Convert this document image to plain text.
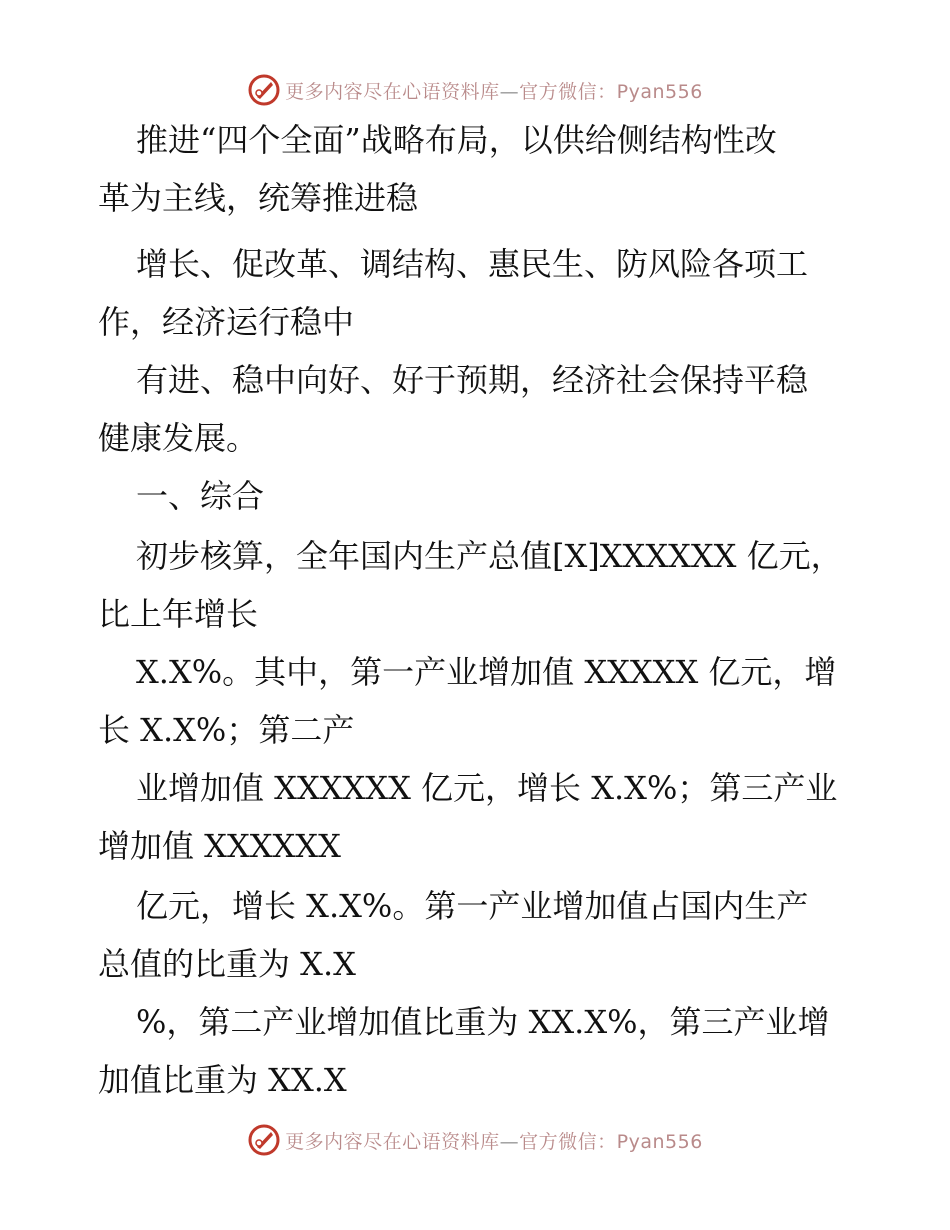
更多内容尽在心语资料库—官方微信：Pyan556
推进“四个全面”战略布局，以供给侧结构性改
革为主线，统筹推进稳
增长、促改革、调结构、惠民生、防风险各项工
作，经济运行稳中
有进、稳中向好、好于预期，经济社会保持平稳
健康发展。
一、综合
初步核算，全年国内生产总值[X]XXXXXX 亿元，
比上年增长
X.X%。其中，第一产业增加值 XXXXX 亿元，增
长 X.X%；第二产
业增加值 XXXXXX 亿元，增长 X.X%；第三产业
增加值 XXXXXX
亿元，增长 X.X%。第一产业增加值占国内生产
总值的比重为 X.X
%，第二产业增加值比重为 XX.X%，第三产业增
加值比重为 XX.X
更多内容尽在心语资料库—官方微信：Pyan556
